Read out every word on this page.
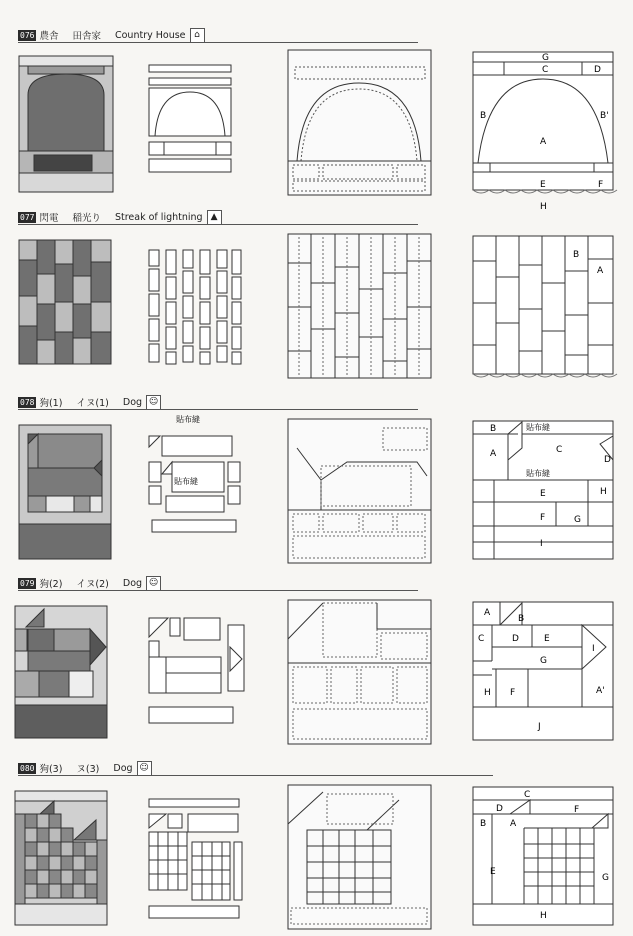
076 農舎 田舎家 Country House ⌂
G
C	D
B	B'
A
E	F
H
077 閃電 稲光り Streak of lightning ▲
B
A
078 狗(1) イヌ(1) Dog ☺
貼布縫
貼布縫
B	貼布縫
A	C
D
貼布縫
E	H
F	G
I
079 狗(2) イヌ(2) Dog ☺
A
B
C	D	E
I
G
H F	A'
J
080 狗(3) ヌ(3) Dog ☺
C
D	F
B	A
E
G
H
